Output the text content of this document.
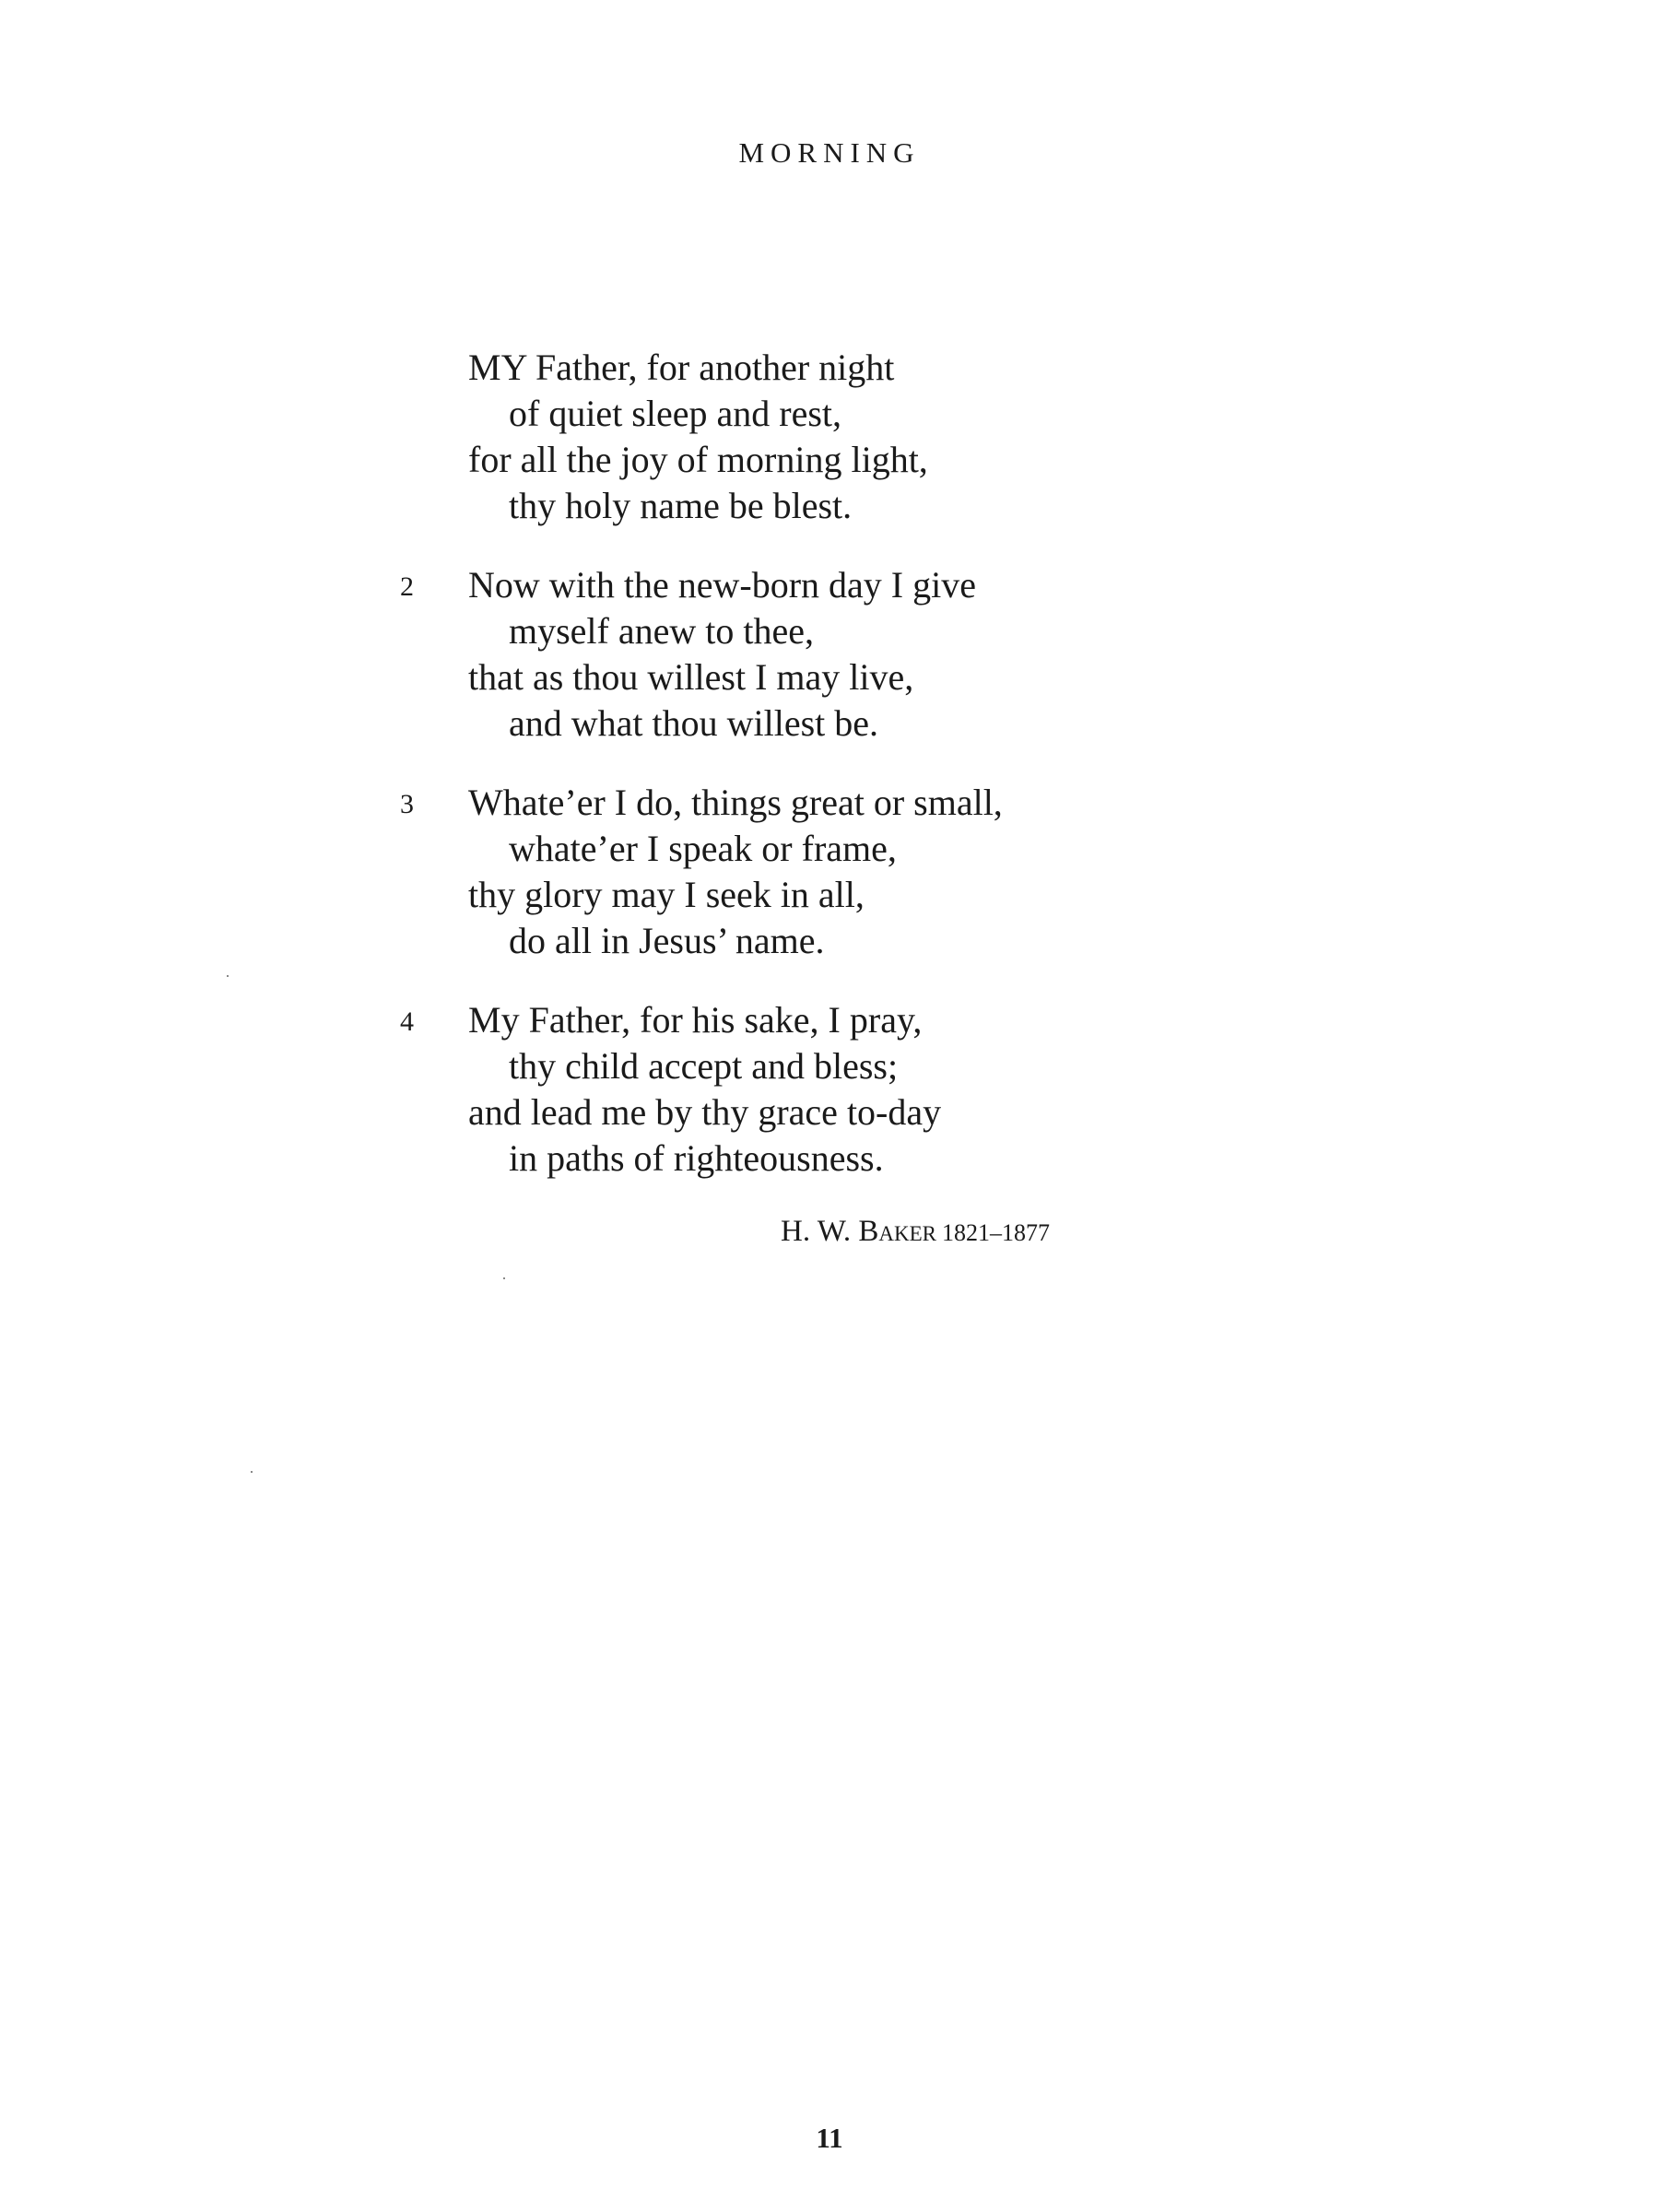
MORNING
MY Father, for another night
of quiet sleep and rest,
for all the joy of morning light,
thy holy name be blest.
2 Now with the new-born day I give
myself anew to thee,
that as thou willest I may live,
and what thou willest be.
3 Whate’er I do, things great or small,
whate’er I speak or frame,
thy glory may I seek in all,
do all in Jesus’ name.
4 My Father, for his sake, I pray,
thy child accept and bless;
and lead me by thy grace to-day
in paths of righteousness.
H. W. Baker 1821–1877
11
